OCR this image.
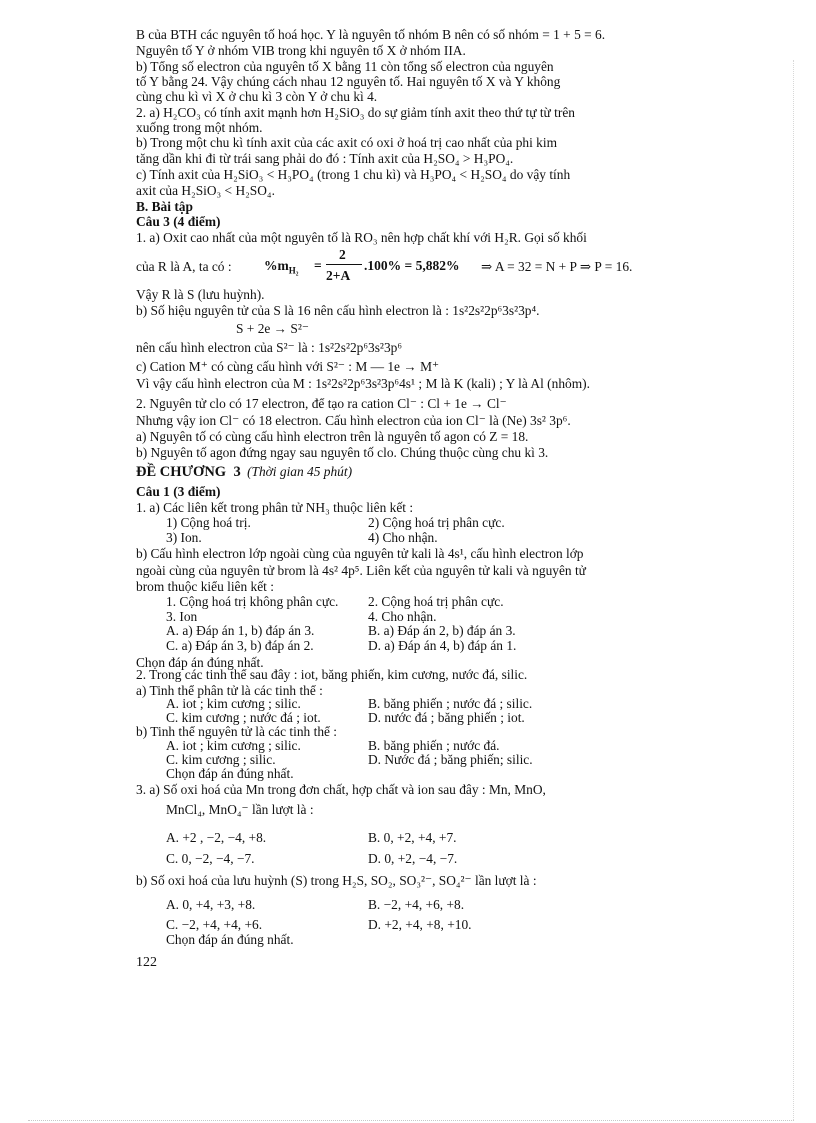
B của BTH các nguyên tố hoá học. Y là nguyên tố nhóm B nên có số nhóm = 1 + 5 = 6.
Nguyên tố Y ở nhóm VIB trong khi nguyên tố X ở nhóm IIA.
b) Tổng số electron của nguyên tố X bằng 11 còn tổng số electron của nguyên
tố Y bằng 24. Vậy chúng cách nhau 12 nguyên tố. Hai nguyên tố X và Y không
cùng chu kì vì X ở chu kì 3 còn Y ở chu kì 4.
2. a) H₂CO₃ có tính axit mạnh hơn H₂SiO₃ do sự giảm tính axit theo thứ tự từ trên
xuống trong một nhóm.
b) Trong một chu kì tính axit của các axit có oxi ở hoá trị cao nhất của phi kim
tăng dần khi đi từ trái sang phải do đó : Tính axit của H₂SO₄ > H₃PO₄.
c) Tính axit của H₂SiO₃ < H₃PO₄ (trong 1 chu kì) và H₃PO₄ < H₂SO₄ do vậy tính
axit của H₂SiO₃ < H₂SO₄.
B. Bài tập
Câu 3 (4 điểm)
1. a) Oxit cao nhất của một nguyên tố là RO₃ nên hợp chất khí với H₂R. Gọi số khối
Vậy R là S (lưu huỳnh).
b) Số hiệu nguyên tử của S là 16 nên cấu hình electron là : 1s²2s²2p⁶3s²3p⁴.
nên cấu hình electron của S²⁻ là : 1s²2s²2p⁶3s²3p⁶
c) Cation M⁺ có cùng cấu hình với S²⁻ : M — 1e → M⁺
Vì vậy cấu hình electron của M : 1s²2s²2p⁶3s²3p⁶4s¹ ; M là K (kali) ; Y là Al (nhôm).
2. Nguyên tử clo có 17 electron, để tạo ra cation Cl⁻ : Cl + 1e → Cl⁻
Nhưng vậy ion Cl⁻ có 18 electron. Cấu hình electron của ion Cl⁻ là (Ne) 3s² 3p⁶.
a) Nguyên tố có cùng cấu hình electron trên là nguyên tố agon có Z = 18.
b) Nguyên tố agon đứng ngay sau nguyên tố clo. Chúng thuộc cùng chu kì 3.
Câu 1 (3 điểm)
1. a) Các liên kết trong phân tử NH₃ thuộc liên kết :
b) Cấu hình electron lớp ngoài cùng của nguyên tử kali là 4s¹, cấu hình electron lớp
ngoài cùng của nguyên tử brom là 4s² 4p⁵. Liên kết của nguyên tử kali và nguyên tử
brom thuộc kiểu liên kết :
Chọn đáp án đúng nhất.
2. Trong các tinh thể sau đây : iot, băng phiến, kim cương, nước đá, silic.
a) Tinh thể phân tử là các tinh thể :
b) Tinh thể nguyên tử là các tinh thể :
3. a) Số oxi hoá của Mn trong đơn chất, hợp chất và ion sau đây : Mn, MnO,
b) Số oxi hoá của lưu huỳnh (S) trong H₂S, SO₂, SO₃²⁻, SO₄²⁻ lần lượt là :
S + 2e → S²⁻
Chọn đáp án đúng nhất.
MnCl₄, MnO₄⁻ lần lượt là :
Chọn đáp án đúng nhất.
của R là A, ta có : $\%m_{H_2}$ =
2
2+A
.100% = 5,882% ⇒ A = 32 = N + P ⇒ P = 16.
ĐỀ CHƯƠNG 3 (Thời gian 45 phút)
1) Cộng hoá trị.	2) Cộng hoá trị phân cực.
3) Ion.	4) Cho nhận.
1. Cộng hoá trị không phân cực. 2. Cộng hoá trị phân cực.
3. Ion	4. Cho nhận.
A. a) Đáp án 1, b) đáp án 3.	B. a) Đáp án 2, b) đáp án 3.
C. a) Đáp án 3, b) đáp án 2.	D. a) Đáp án 4, b) đáp án 1.
A. iot ; kim cương ; silic.	B. băng phiến ; nước đá ; silic.
C. kim cương ; nước đá ; iot.	D. nước đá ; băng phiến ; iot.
A. iot ; kim cương ; silic.	B. băng phiến ; nước đá.
C. kim cương ; silic.	D. Nước đá ; băng phiến; silic.
A. +2 , −2, −4, +8.	B. 0, +2, +4, +7.
C. 0, −2, −4, −7.	D. 0, +2, −4, −7.
A. 0, +4, +3, +8.	B. −2, +4, +6, +8.
C. −2, +4, +4, +6.	D. +2, +4, +8, +10.
122
